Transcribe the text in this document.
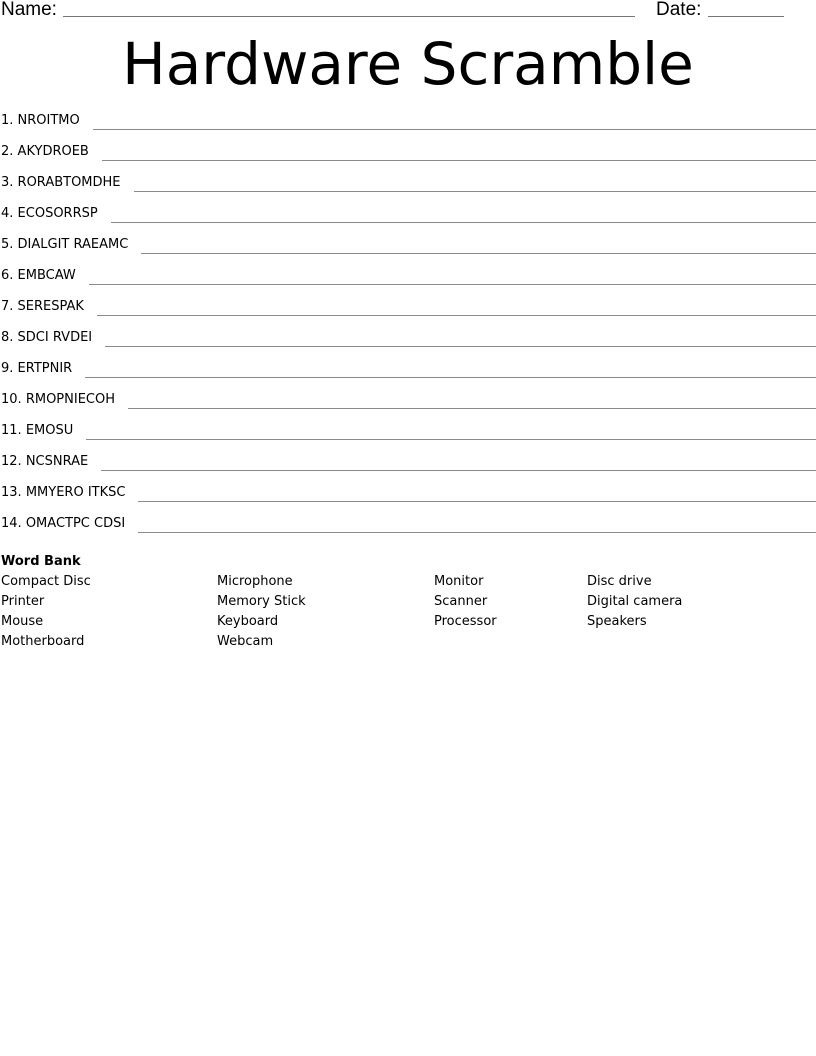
Name:	Date:
Hardware Scramble
1. NROITMO
2. AKYDROEB
3. RORABTOMDHE
4. ECOSORRSP
5. DIALGIT RAEAMC
6. EMBCAW
7. SERESPAK
8. SDCI RVDEI
9. ERTPNIR
10. RMOPNIECOH
11. EMOSU
12. NCSNRAE
13. MMYERO ITKSC
14. OMACTPC CDSI
Word Bank
Compact Disc
Printer
Mouse
Motherboard
Microphone
Memory Stick
Keyboard
Webcam
Monitor
Scanner
Processor
Disc drive
Digital camera
Speakers
